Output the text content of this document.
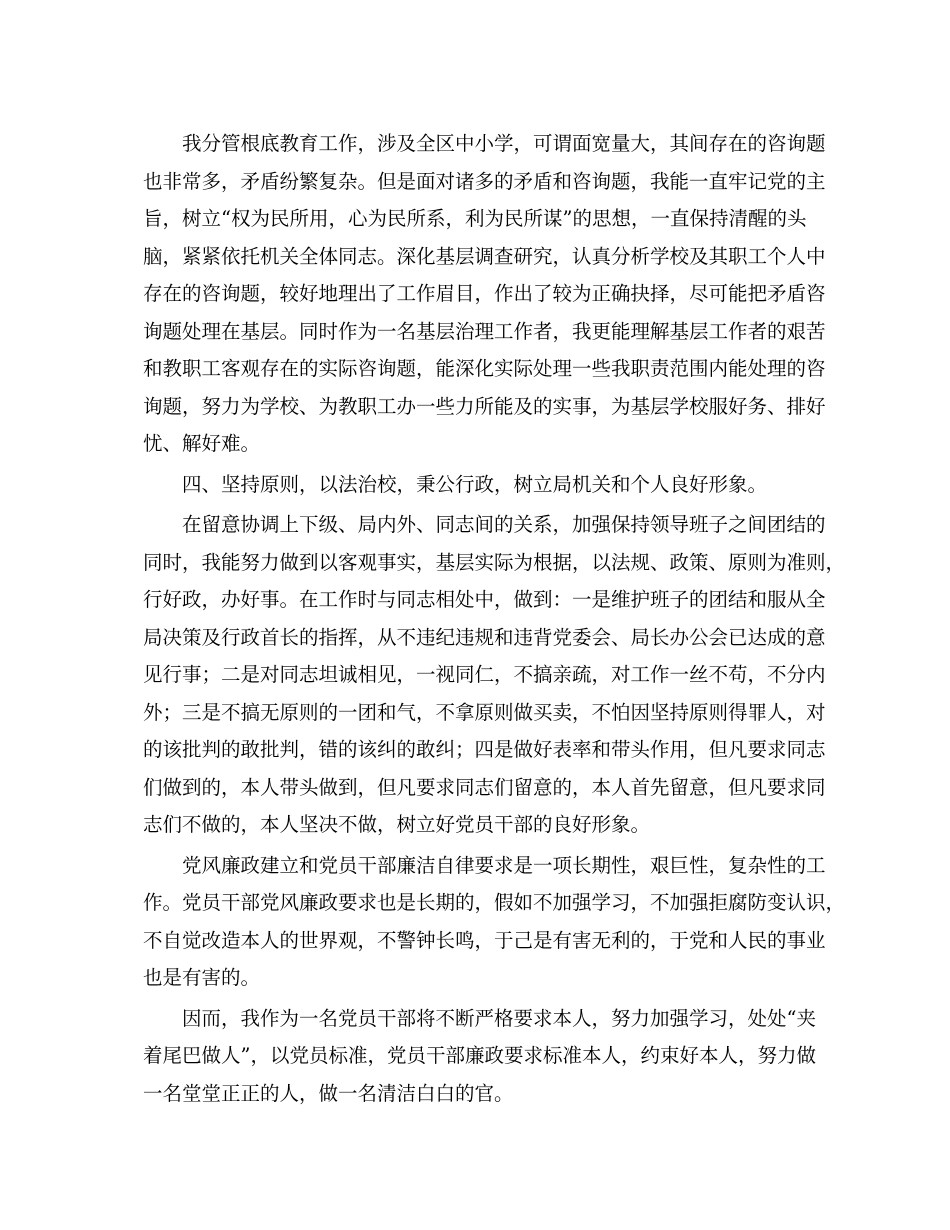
我分管根底教育工作，涉及全区中小学，可谓面宽量大，其间存在的咨询题
也非常多，矛盾纷繁复杂。但是面对诸多的矛盾和咨询题，我能一直牢记党的主
旨，树立“权为民所用，心为民所系，利为民所谋”的思想，一直保持清醒的头
脑，紧紧依托机关全体同志。深化基层调查研究，认真分析学校及其职工个人中
存在的咨询题，较好地理出了工作眉目，作出了较为正确抉择，尽可能把矛盾咨
询题处理在基层。同时作为一名基层治理工作者，我更能理解基层工作者的艰苦
和教职工客观存在的实际咨询题，能深化实际处理一些我职责范围内能处理的咨
询题，努力为学校、为教职工办一些力所能及的实事，为基层学校服好务、排好
忧、解好难。

四、坚持原则，以法治校，秉公行政，树立局机关和个人良好形象。

在留意协调上下级、局内外、同志间的关系，加强保持领导班子之间团结的
同时，我能努力做到以客观事实，基层实际为根据，以法规、政策、原则为准则，
行好政，办好事。在工作时与同志相处中，做到：一是维护班子的团结和服从全
局决策及行政首长的指挥，从不违纪违规和违背党委会、局长办公会已达成的意
见行事；二是对同志坦诚相见，一视同仁，不搞亲疏，对工作一丝不苟，不分内
外；三是不搞无原则的一团和气，不拿原则做买卖，不怕因坚持原则得罪人，对
的该批判的敢批判，错的该纠的敢纠；四是做好表率和带头作用，但凡要求同志
们做到的，本人带头做到，但凡要求同志们留意的，本人首先留意，但凡要求同
志们不做的，本人坚决不做，树立好党员干部的良好形象。

党风廉政建立和党员干部廉洁自律要求是一项长期性，艰巨性，复杂性的工
作。党员干部党风廉政要求也是长期的，假如不加强学习，不加强拒腐防变认识，
不自觉改造本人的世界观，不警钟长鸣，于己是有害无利的，于党和人民的事业
也是有害的。

因而，我作为一名党员干部将不断严格要求本人，努力加强学习，处处“夹
着尾巴做人”，以党员标准，党员干部廉政要求标准本人，约束好本人，努力做
一名堂堂正正的人，做一名清洁白白的官。
